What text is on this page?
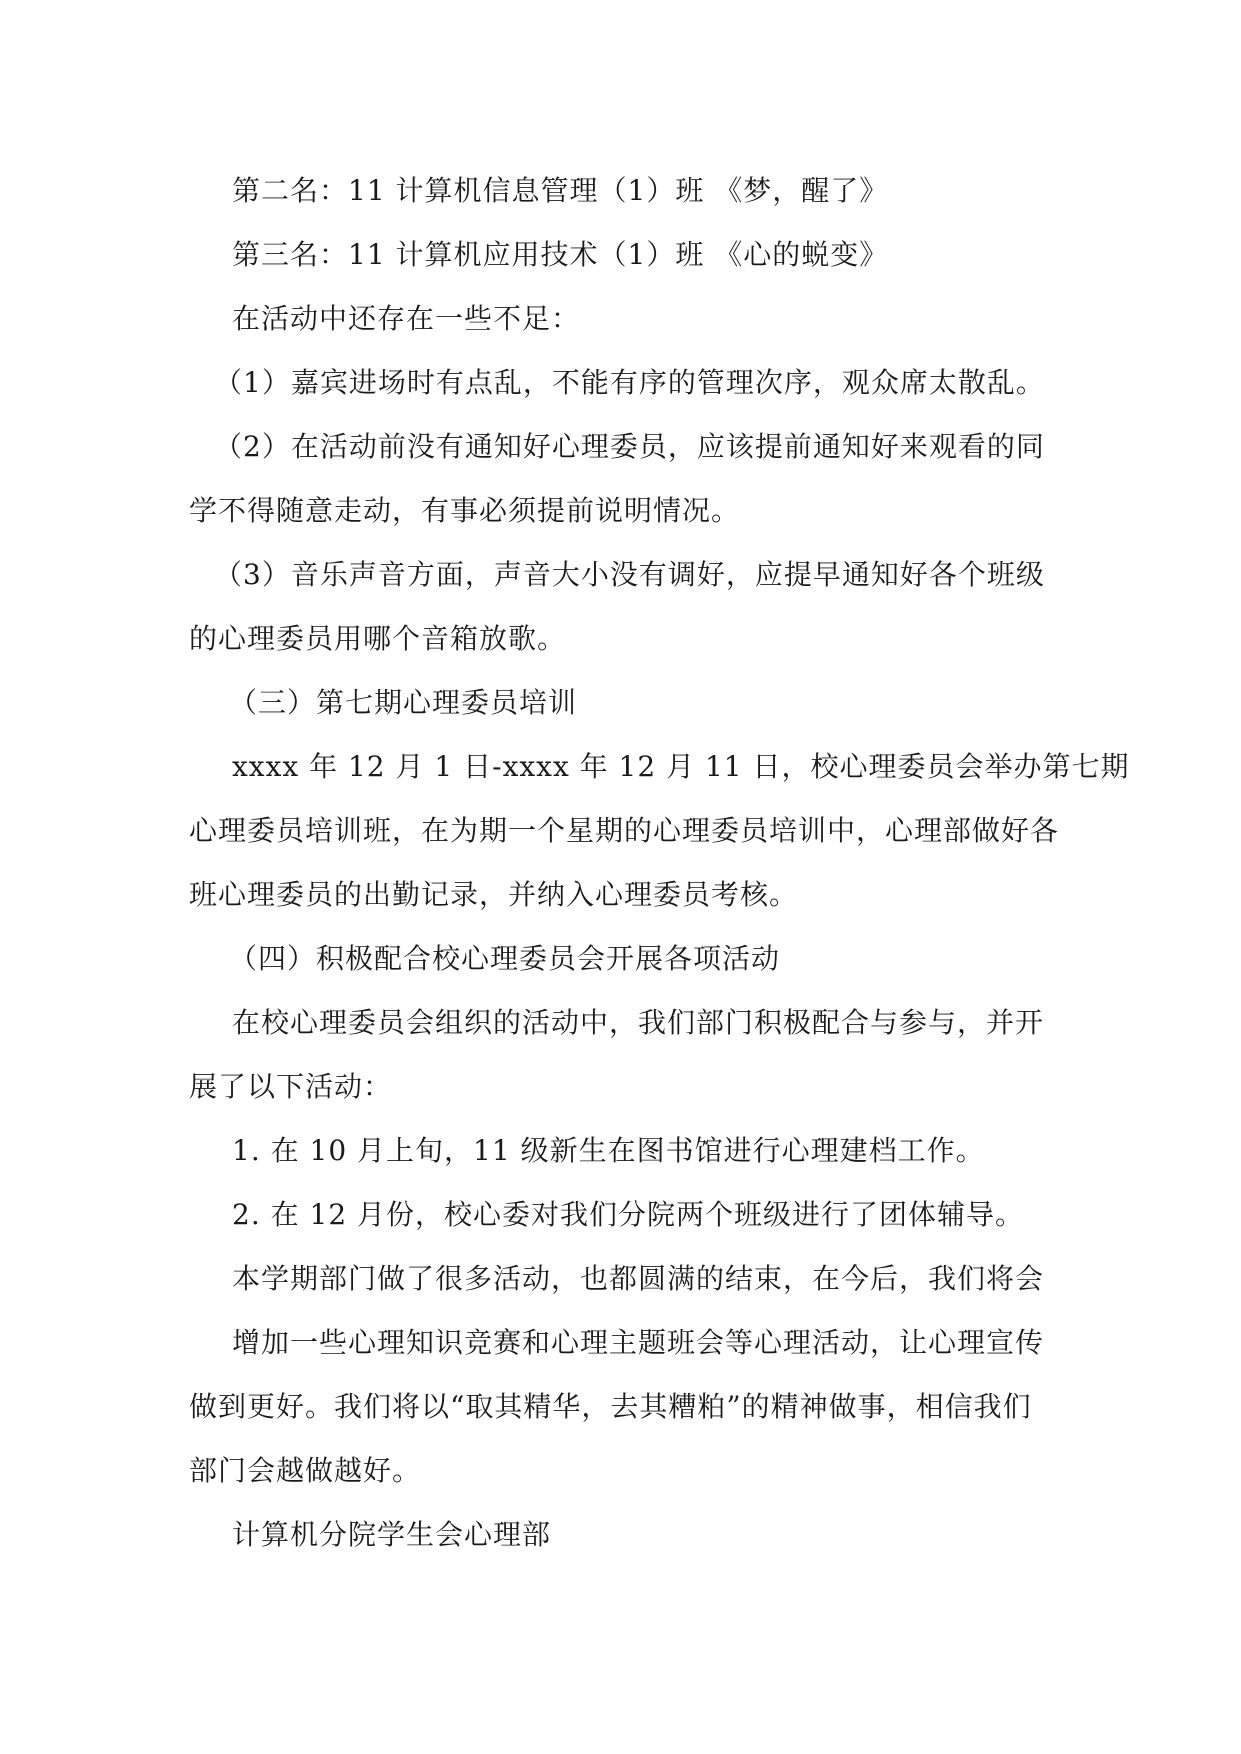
第二名：11 计算机信息管理（1）班 《梦，醒了》

第三名：11 计算机应用技术（1）班 《心的蜕变》

在活动中还存在一些不足：

（1）嘉宾进场时有点乱，不能有序的管理次序，观众席太散乱。

（2）在活动前没有通知好心理委员，应该提前通知好来观看的同

学不得随意走动，有事必须提前说明情况。

（3）音乐声音方面，声音大小没有调好，应提早通知好各个班级

的心理委员用哪个音箱放歌。

（三）第七期心理委员培训

xxxx 年 12 月 1 日-xxxx 年 12 月 11 日，校心理委员会举办第七期

心理委员培训班，在为期一个星期的心理委员培训中，心理部做好各

班心理委员的出勤记录，并纳入心理委员考核。

（四）积极配合校心理委员会开展各项活动

在校心理委员会组织的活动中，我们部门积极配合与参与，并开

展了以下活动：

1. 在 10 月上旬，11 级新生在图书馆进行心理建档工作。

2. 在 12 月份，校心委对我们分院两个班级进行了团体辅导。

本学期部门做了很多活动，也都圆满的结束，在今后，我们将会

增加一些心理知识竞赛和心理主题班会等心理活动，让心理宣传

做到更好。我们将以“取其精华，去其糟粕”的精神做事，相信我们

部门会越做越好。

计算机分院学生会心理部
